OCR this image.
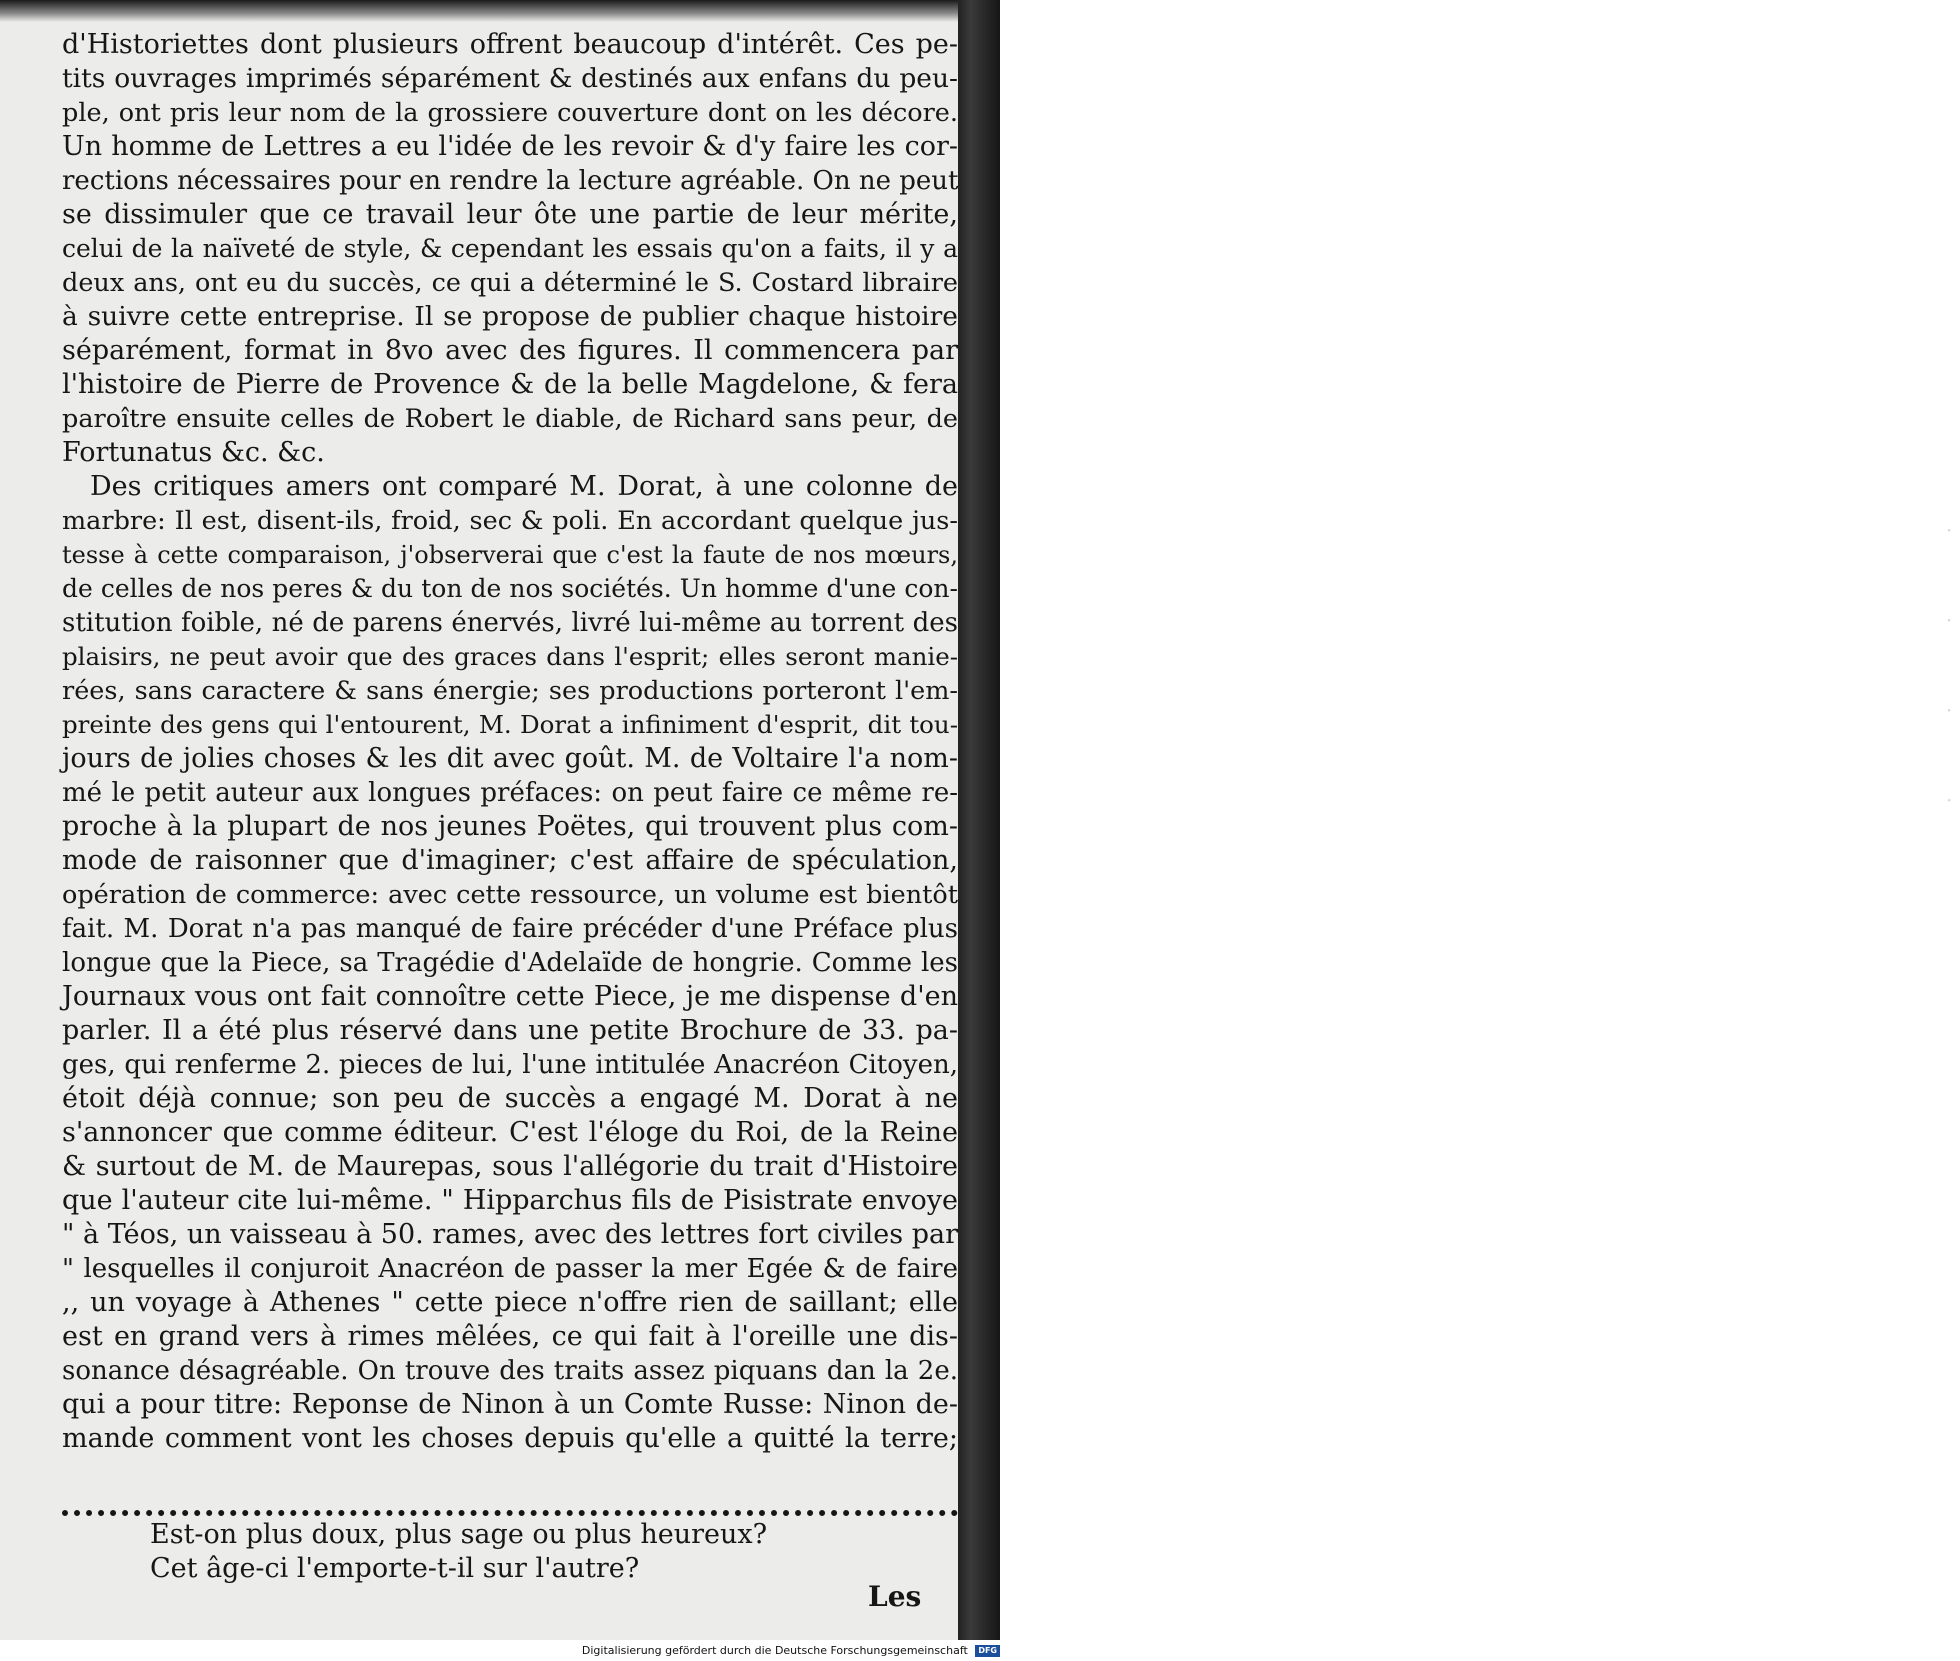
d'Historiettes dont plusieurs offrent beaucoup d'intérêt. Ces pe-
tits ouvrages imprimés séparément & destinés aux enfans du peu-
ple, ont pris leur nom de la grossiere couverture dont on les décore.
Un homme de Lettres a eu l'idée de les revoir & d'y faire les cor-
rections nécessaires pour en rendre la lecture agréable. On ne peut
se dissimuler que ce travail leur ôte une partie de leur mérite,
celui de la naïveté de style, & cependant les essais qu'on a faits, il y a
deux ans, ont eu du succès, ce qui a déterminé le S. Costard libraire
à suivre cette entreprise. Il se propose de publier chaque histoire
séparément, format in 8vo avec des figures. Il commencera par
l'histoire de Pierre de Provence & de la belle Magdelone, & fera
paroître ensuite celles de Robert le diable, de Richard sans peur, de
Fortunatus &c. &c.
Des critiques amers ont comparé M. Dorat, à une colonne de
marbre: Il est, disent-ils, froid, sec & poli. En accordant quelque jus-
tesse à cette comparaison, j'observerai que c'est la faute de nos mœurs,
de celles de nos peres & du ton de nos sociétés. Un homme d'une con-
stitution foible, né de parens énervés, livré lui-même au torrent des
plaisirs, ne peut avoir que des graces dans l'esprit; elles seront manie-
rées, sans caractere & sans énergie; ses productions porteront l'em-
preinte des gens qui l'entourent, M. Dorat a infiniment d'esprit, dit tou-
jours de jolies choses & les dit avec goût. M. de Voltaire l'a nom-
mé le petit auteur aux longues préfaces: on peut faire ce même re-
proche à la plupart de nos jeunes Poëtes, qui trouvent plus com-
mode de raisonner que d'imaginer; c'est affaire de spéculation,
opération de commerce: avec cette ressource, un volume est bientôt
fait. M. Dorat n'a pas manqué de faire précéder d'une Préface plus
longue que la Piece, sa Tragédie d'Adelaïde de hongrie. Comme les
Journaux vous ont fait connoître cette Piece, je me dispense d'en
parler. Il a été plus réservé dans une petite Brochure de 33. pa-
ges, qui renferme 2. pieces de lui, l'une intitulée Anacréon Citoyen,
étoit déjà connue; son peu de succès a engagé M. Dorat à ne
s'annoncer que comme éditeur. C'est l'éloge du Roi, de la Reine
& surtout de M. de Maurepas, sous l'allégorie du trait d'Histoire
que l'auteur cite lui-même. " Hipparchus fils de Pisistrate envoye
" à Téos, un vaisseau à 50. rames, avec des lettres fort civiles par
" lesquelles il conjuroit Anacréon de passer la mer Egée & de faire
,, un voyage à Athenes " cette piece n'offre rien de saillant; elle
est en grand vers à rimes mêlées, ce qui fait à l'oreille une dis-
sonance désagréable. On trouve des traits assez piquans dan la 2e.
qui a pour titre: Reponse de Ninon à un Comte Russe: Ninon de-
mande comment vont les choses depuis qu'elle a quitté la terre;
Est-on plus doux, plus sage ou plus heureux?
Cet âge-ci l'emporte-t-il sur l'autre?
Les
·
·
·
·
Digitalisierung gefördert durch die Deutsche Forschungsgemeinschaft DFG
